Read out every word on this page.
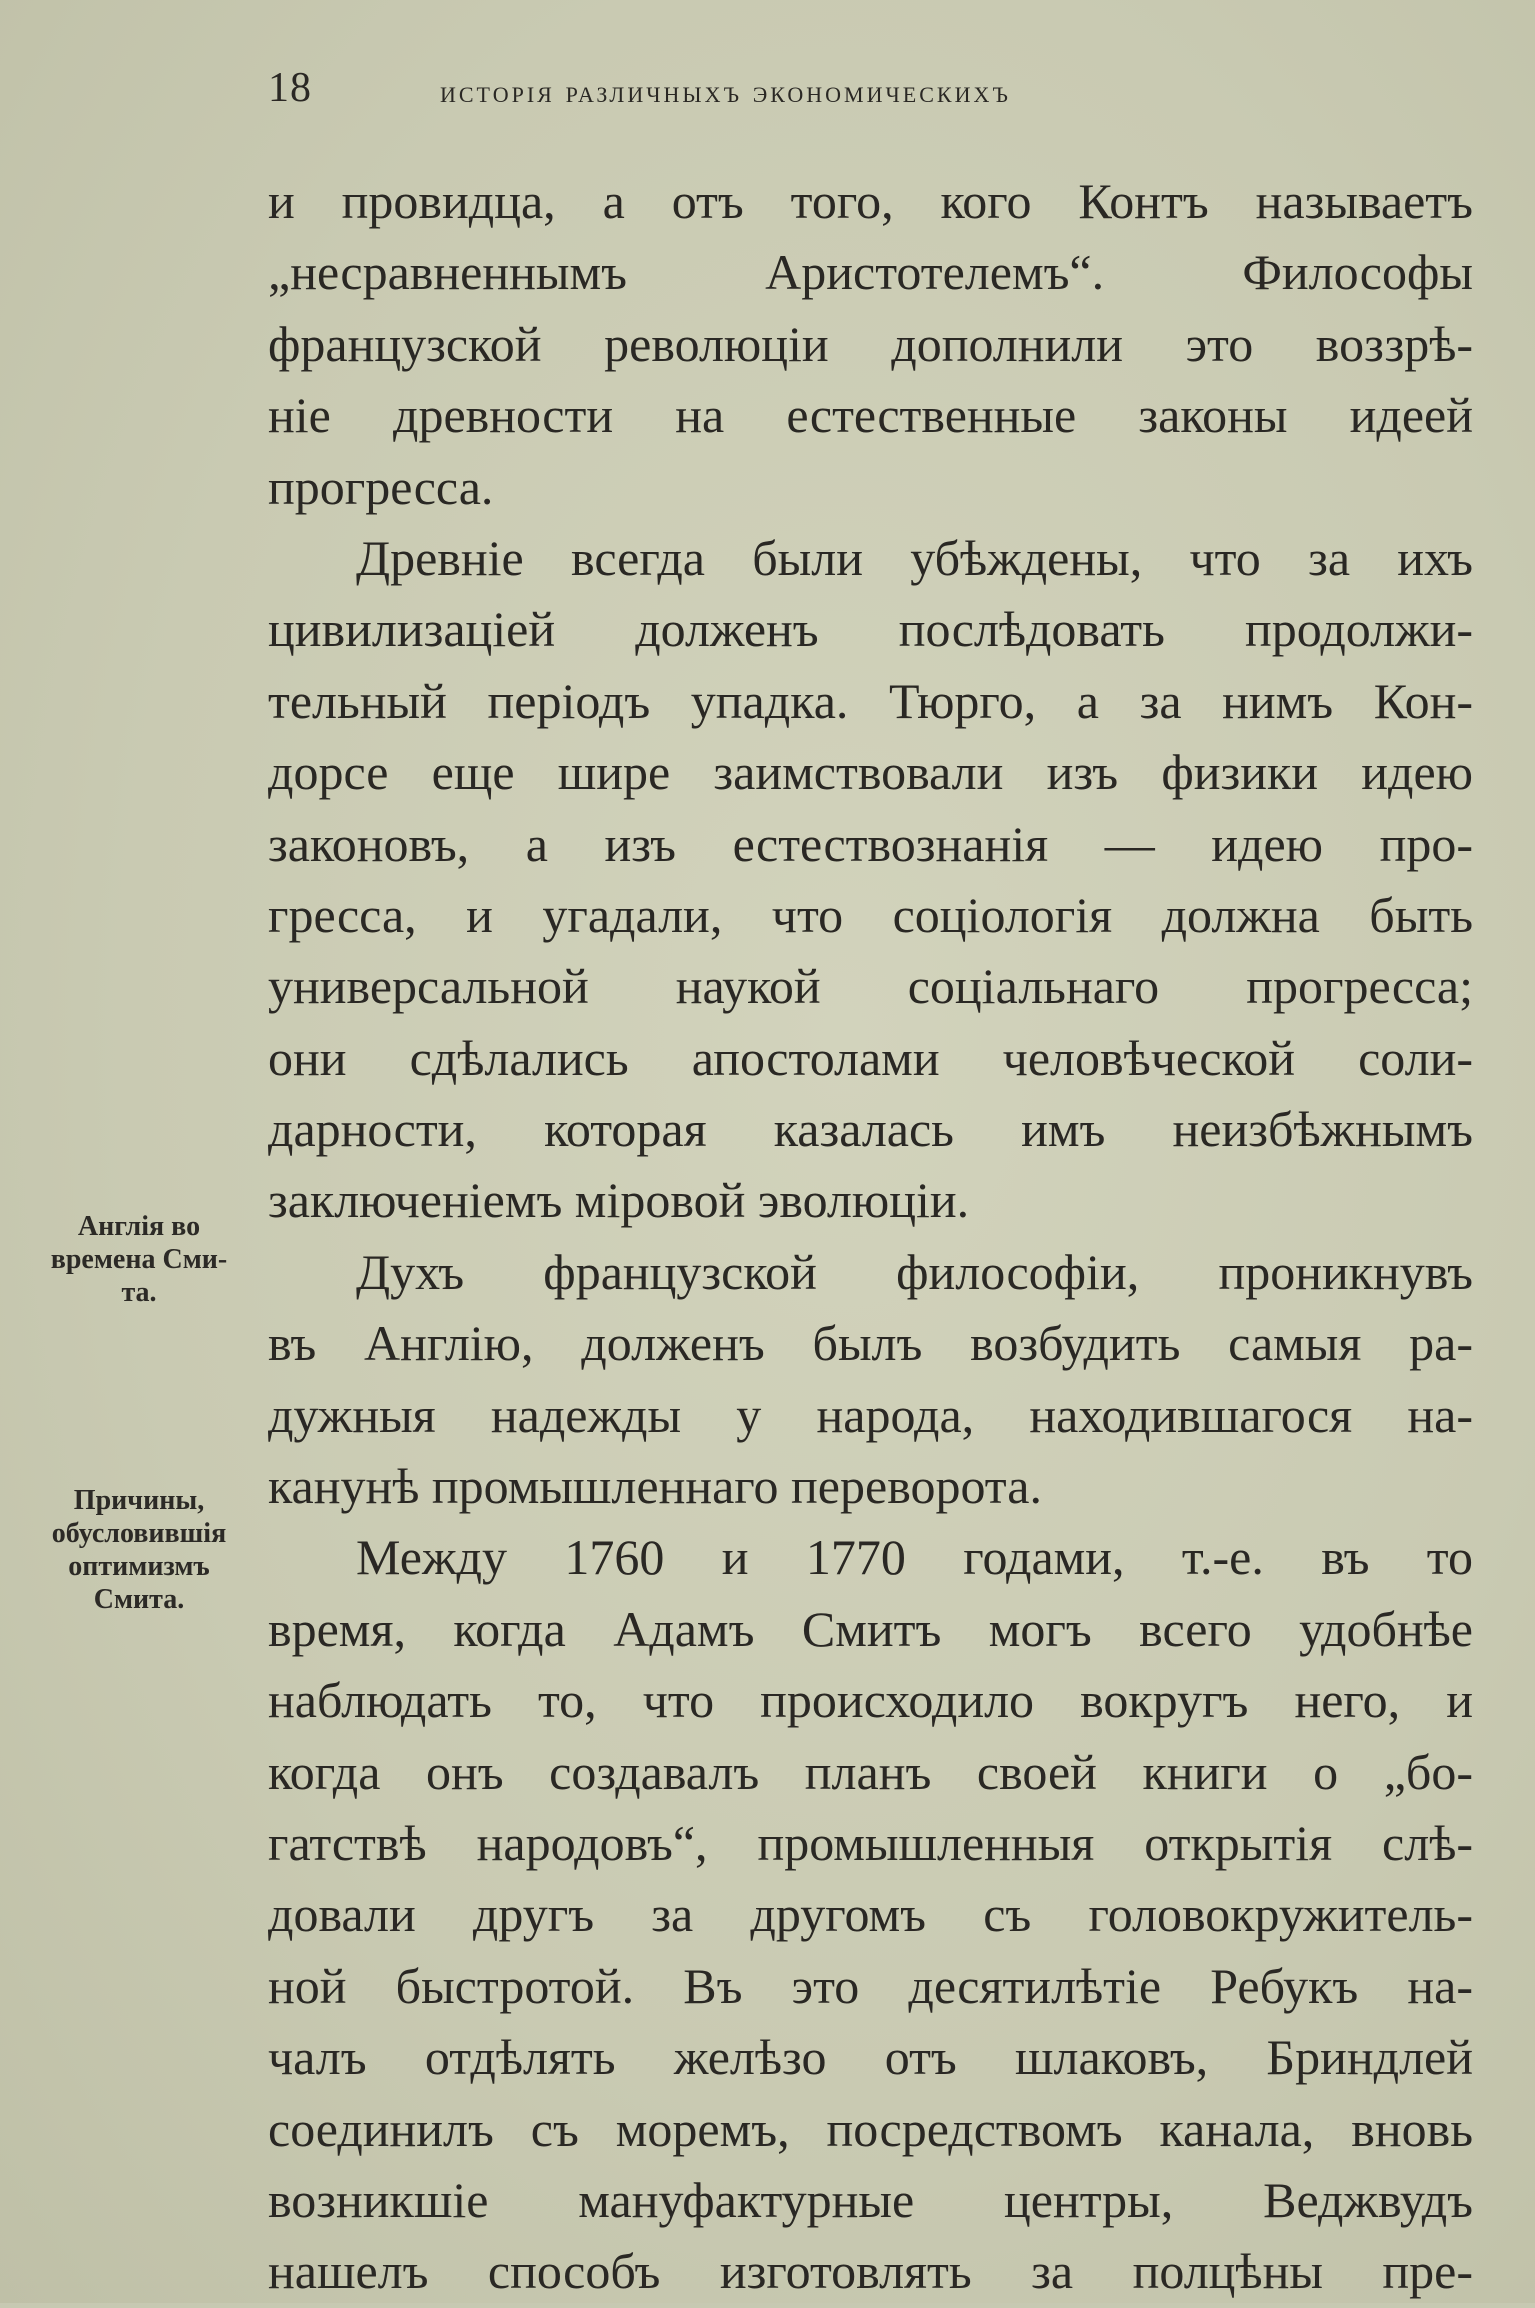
18	исторія различныхъ экономическихъ
и провидца, а отъ того, кого Контъ называетъ
„несравненнымъ Аристотелемъ“. Философы
французской революціи дополнили это воззрѣ-
ніе древности на естественные законы идеей
прогресса.
Древніе всегда были убѣждены, что за ихъ
цивилизаціей долженъ послѣдовать продолжи-
тельный періодъ упадка. Тюрго, а за нимъ Кон-
дорсе еще шире заимствовали изъ физики идею
законовъ, а изъ естествознанія — идею про-
гресса, и угадали, что соціологія должна быть
универсальной наукой соціальнаго прогресса;
они сдѣлались апостолами человѣческой соли-
дарности, которая казалась имъ неизбѣжнымъ
заключеніемъ міровой эволюціи.
Духъ французской философіи, проникнувъ
въ Англію, долженъ былъ возбудить самыя ра-
дужныя надежды у народа, находившагося на-
канунѣ промышленнаго переворота.
Между 1760 и 1770 годами, т.-е. въ то
время, когда Адамъ Смитъ могъ всего удобнѣе
наблюдать то, что происходило вокругъ него, и
когда онъ создавалъ планъ своей книги о „бо-
гатствѣ народовъ“, промышленныя открытія слѣ-
довали другъ за другомъ съ головокружитель-
ной быстротой. Въ это десятилѣтіе Ребукъ на-
чалъ отдѣлять желѣзо отъ шлаковъ, Бриндлей
соединилъ съ моремъ, посредствомъ канала, вновь
возникшіе мануфактурные центры, Веджвудъ
нашелъ способъ изготовлять за полцѣны пре-
Англія во
времена Сми-
та.
Причины,
обусловившія
оптимизмъ
Смита.
